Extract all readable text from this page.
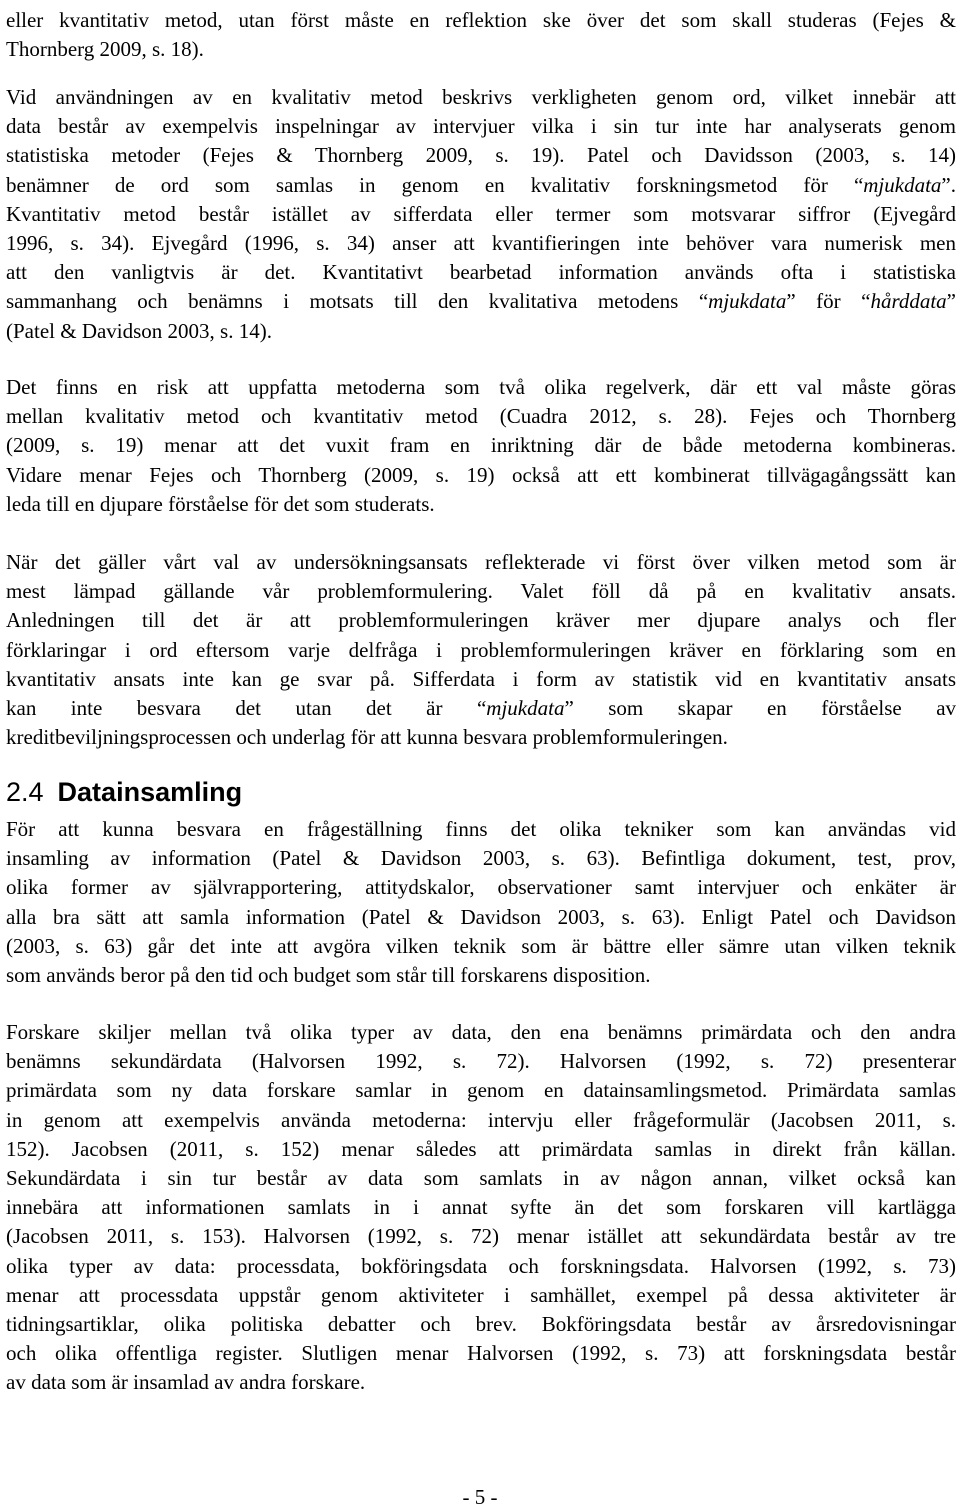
eller kvantitativ metod, utan först måste en reflektion ske över det som skall studeras (Fejes &
Thornberg 2009, s. 18).
Vid användningen av en kvalitativ metod beskrivs verkligheten genom ord, vilket innebär att
data består av exempelvis inspelningar av intervjuer vilka i sin tur inte har analyserats genom
statistiska metoder (Fejes & Thornberg 2009, s. 19). Patel och Davidsson (2003, s. 14)
benämner de ord som samlas in genom en kvalitativ forskningsmetod för “mjukdata”.
Kvantitativ metod består istället av sifferdata eller termer som motsvarar siffror (Ejvegård
1996, s. 34). Ejvegård (1996, s. 34) anser att kvantifieringen inte behöver vara numerisk men
att den vanligtvis är det. Kvantitativt bearbetad information används ofta i statistiska
sammanhang och benämns i motsats till den kvalitativa metodens “mjukdata” för “hårddata”
(Patel & Davidson 2003, s. 14).
Det finns en risk att uppfatta metoderna som två olika regelverk, där ett val måste göras
mellan kvalitativ metod och kvantitativ metod (Cuadra 2012, s. 28). Fejes och Thornberg
(2009, s. 19) menar att det vuxit fram en inriktning där de både metoderna kombineras.
Vidare menar Fejes och Thornberg (2009, s. 19) också att ett kombinerat tillvägagångssätt kan
leda till en djupare förståelse för det som studerats.
När det gäller vårt val av undersökningsansats reflekterade vi först över vilken metod som är
mest lämpad gällande vår problemformulering. Valet föll då på en kvalitativ ansats.
Anledningen till det är att problemformuleringen kräver mer djupare analys och fler
förklaringar i ord eftersom varje delfråga i problemformuleringen kräver en förklaring som en
kvantitativ ansats inte kan ge svar på. Sifferdata i form av statistik vid en kvantitativ ansats
kan inte besvara det utan det är “mjukdata” som skapar en förståelse av
kreditbeviljningsprocessen och underlag för att kunna besvara problemformuleringen.
2.4 Datainsamling
För att kunna besvara en frågeställning finns det olika tekniker som kan användas vid
insamling av information (Patel & Davidson 2003, s. 63). Befintliga dokument, test, prov,
olika former av självrapportering, attitydskalor, observationer samt intervjuer och enkäter är
alla bra sätt att samla information (Patel & Davidson 2003, s. 63). Enligt Patel och Davidson
(2003, s. 63) går det inte att avgöra vilken teknik som är bättre eller sämre utan vilken teknik
som används beror på den tid och budget som står till forskarens disposition.
Forskare skiljer mellan två olika typer av data, den ena benämns primärdata och den andra
benämns sekundärdata (Halvorsen 1992, s. 72). Halvorsen (1992, s. 72) presenterar
primärdata som ny data forskare samlar in genom en datainsamlingsmetod. Primärdata samlas
in genom att exempelvis använda metoderna: intervju eller frågeformulär (Jacobsen 2011, s.
152). Jacobsen (2011, s. 152) menar således att primärdata samlas in direkt från källan.
Sekundärdata i sin tur består av data som samlats in av någon annan, vilket också kan
innebära att informationen samlats in i annat syfte än det som forskaren vill kartlägga
(Jacobsen 2011, s. 153). Halvorsen (1992, s. 72) menar istället att sekundärdata består av tre
olika typer av data: processdata, bokföringsdata och forskningsdata. Halvorsen (1992, s. 73)
menar att processdata uppstår genom aktiviteter i samhället, exempel på dessa aktiviteter är
tidningsartiklar, olika politiska debatter och brev. Bokföringsdata består av årsredovisningar
och olika offentliga register. Slutligen menar Halvorsen (1992, s. 73) att forskningsdata består
av data som är insamlad av andra forskare.
- 5 -
